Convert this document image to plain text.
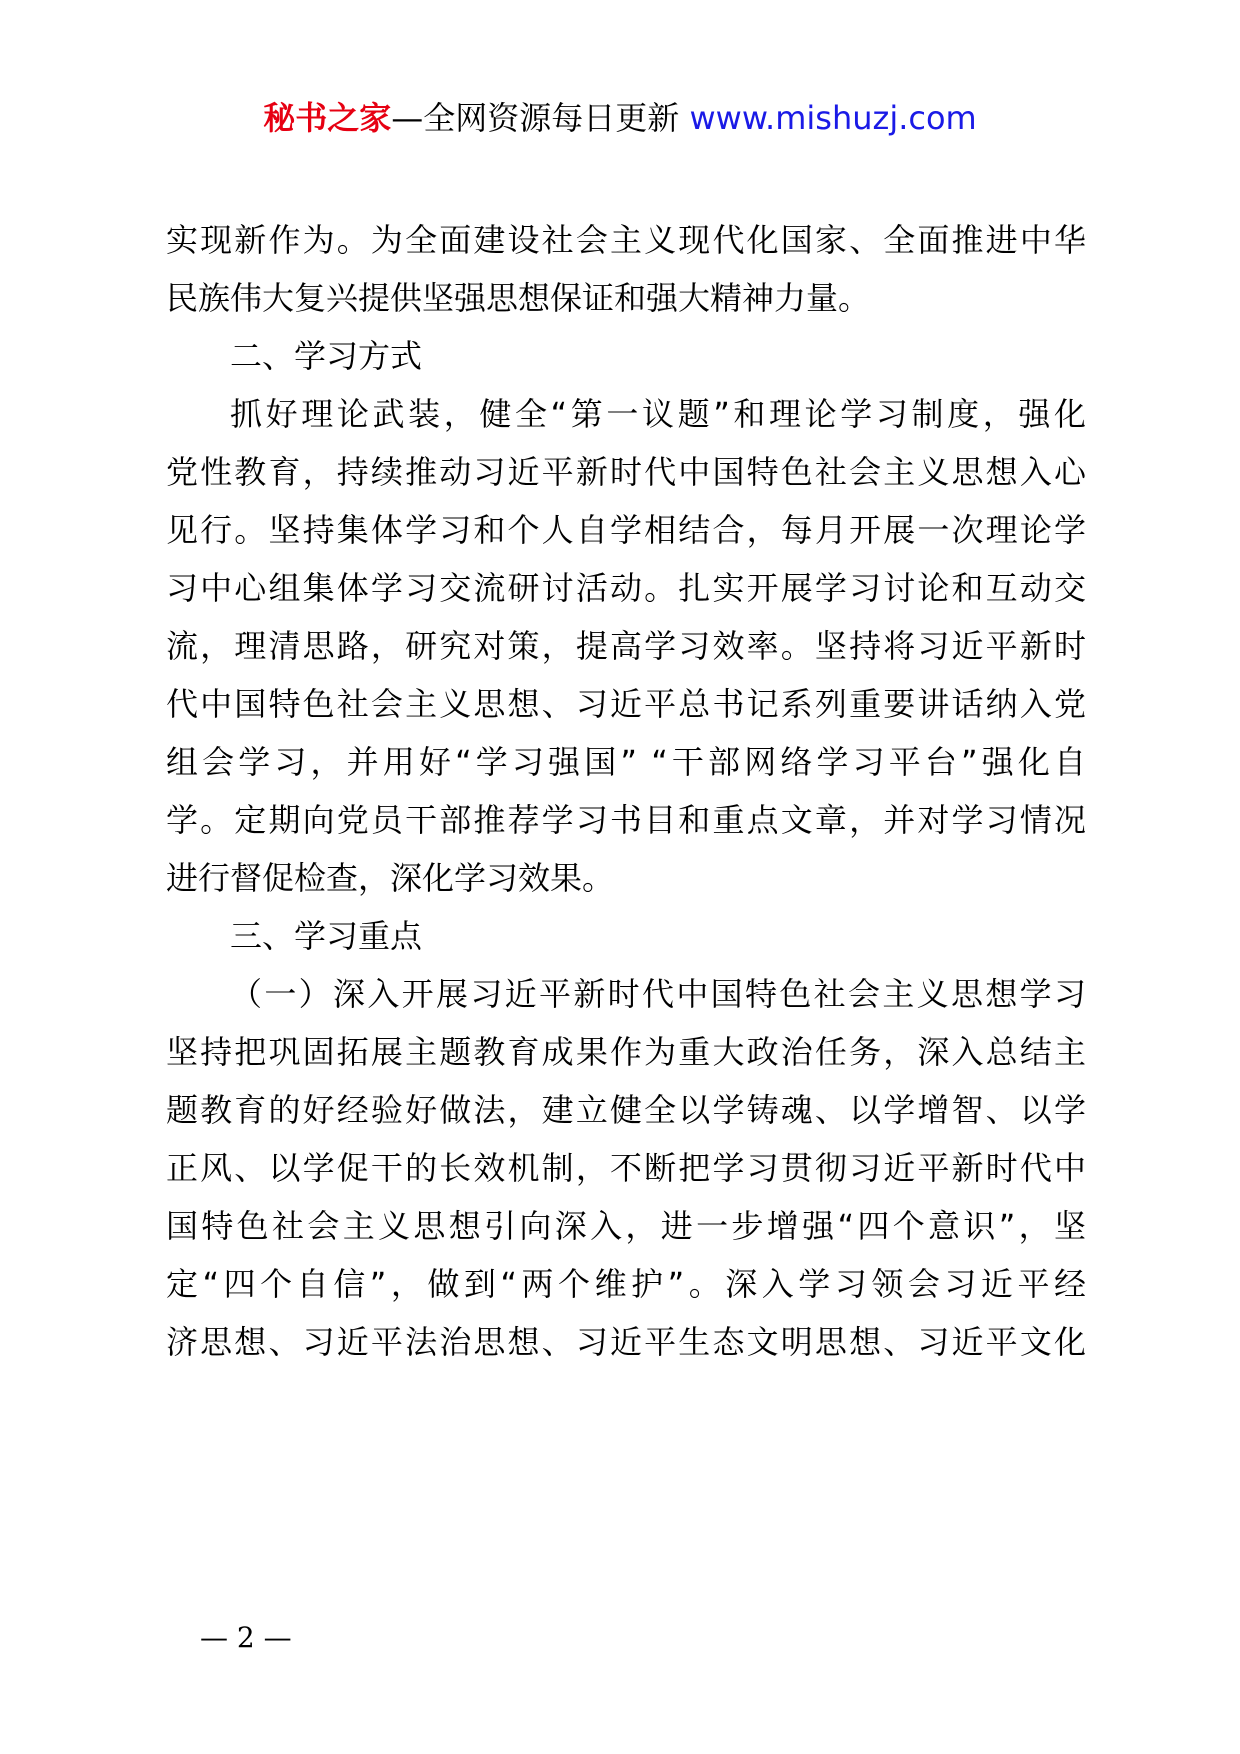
秘书之家—全网资源每日更新 www.mishuzj.com
实现新作为。为全面建设社会主义现代化国家、全面推进中华
民族伟大复兴提供坚强思想保证和强大精神力量。
二、学习方式
抓好理论武装，健全“第一议题”和理论学习制度，强化
党性教育，持续推动习近平新时代中国特色社会主义思想入心
见行。坚持集体学习和个人自学相结合，每月开展一次理论学
习中心组集体学习交流研讨活动。扎实开展学习讨论和互动交
流，理清思路，研究对策，提高学习效率。坚持将习近平新时
代中国特色社会主义思想、习近平总书记系列重要讲话纳入党
组会学习，并用好“学习强国” “干部网络学习平台”强化自
学。定期向党员干部推荐学习书目和重点文章，并对学习情况
进行督促检查，深化学习效果。
三、学习重点
（一）深入开展习近平新时代中国特色社会主义思想学习
坚持把巩固拓展主题教育成果作为重大政治任务，深入总结主
题教育的好经验好做法，建立健全以学铸魂、以学增智、以学
正风、以学促干的长效机制，不断把学习贯彻习近平新时代中
国特色社会主义思想引向深入，进一步增强“四个意识”，坚
定“四个自信”，做到“两个维护”。深入学习领会习近平经
济思想、习近平法治思想、习近平生态文明思想、习近平文化
— 2 —
